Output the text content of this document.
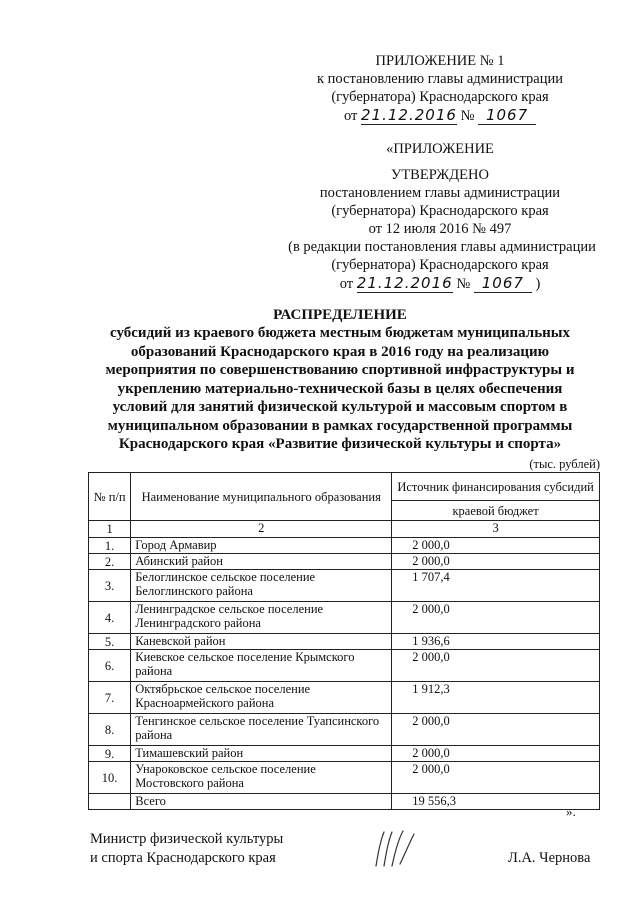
ПРИЛОЖЕНИЕ № 1
к постановлению главы администрации
(губернатора) Краснодарского края
от 21.12.2016 № 1067
«ПРИЛОЖЕНИЕ
УТВЕРЖДЕНО
постановлением главы администрации
(губернатора) Краснодарского края
от 12 июля 2016 № 497
(в редакции постановления главы администрации
(губернатора) Краснодарского края
от 21.12.2016 № 1067 )
РАСПРЕДЕЛЕНИЕ
субсидий из краевого бюджета местным бюджетам муниципальных
образований Краснодарского края в 2016 году на реализацию
мероприятия по совершенствованию спортивной инфраструктуры и
укреплению материально-технической базы в целях обеспечения
условий для занятий физической культурой и массовым спортом в
муниципальном образовании в рамках государственной программы
Краснодарского края «Развитие физической культуры и спорта»
(тыс. рублей)
№ п/п	Наименование муниципального образования	Источник финансирования субсидий
		краевой бюджет
1	2	3
1.	Город Армавир	2 000,0
2.	Абинский район	2 000,0
3.	Белоглинское сельское поселение Белоглинского района	1 707,4
4.	Ленинградское сельское поселение Ленинградского района	2 000,0
5.	Каневской район	1 936,6
6.	Киевское сельское поселение Крымского района	2 000,0
7.	Октябрьское сельское поселение Красноармейского района	1 912,3
8.	Тенгинское сельское поселение Туапсинского района	2 000,0
9.	Тимашевский район	2 000,0
10.	Унароковское сельское поселение Мостовского района	2 000,0
	Всего	19 556,3
».
Министр физической культуры
и спорта Краснодарского края	Л.А. Чернова
